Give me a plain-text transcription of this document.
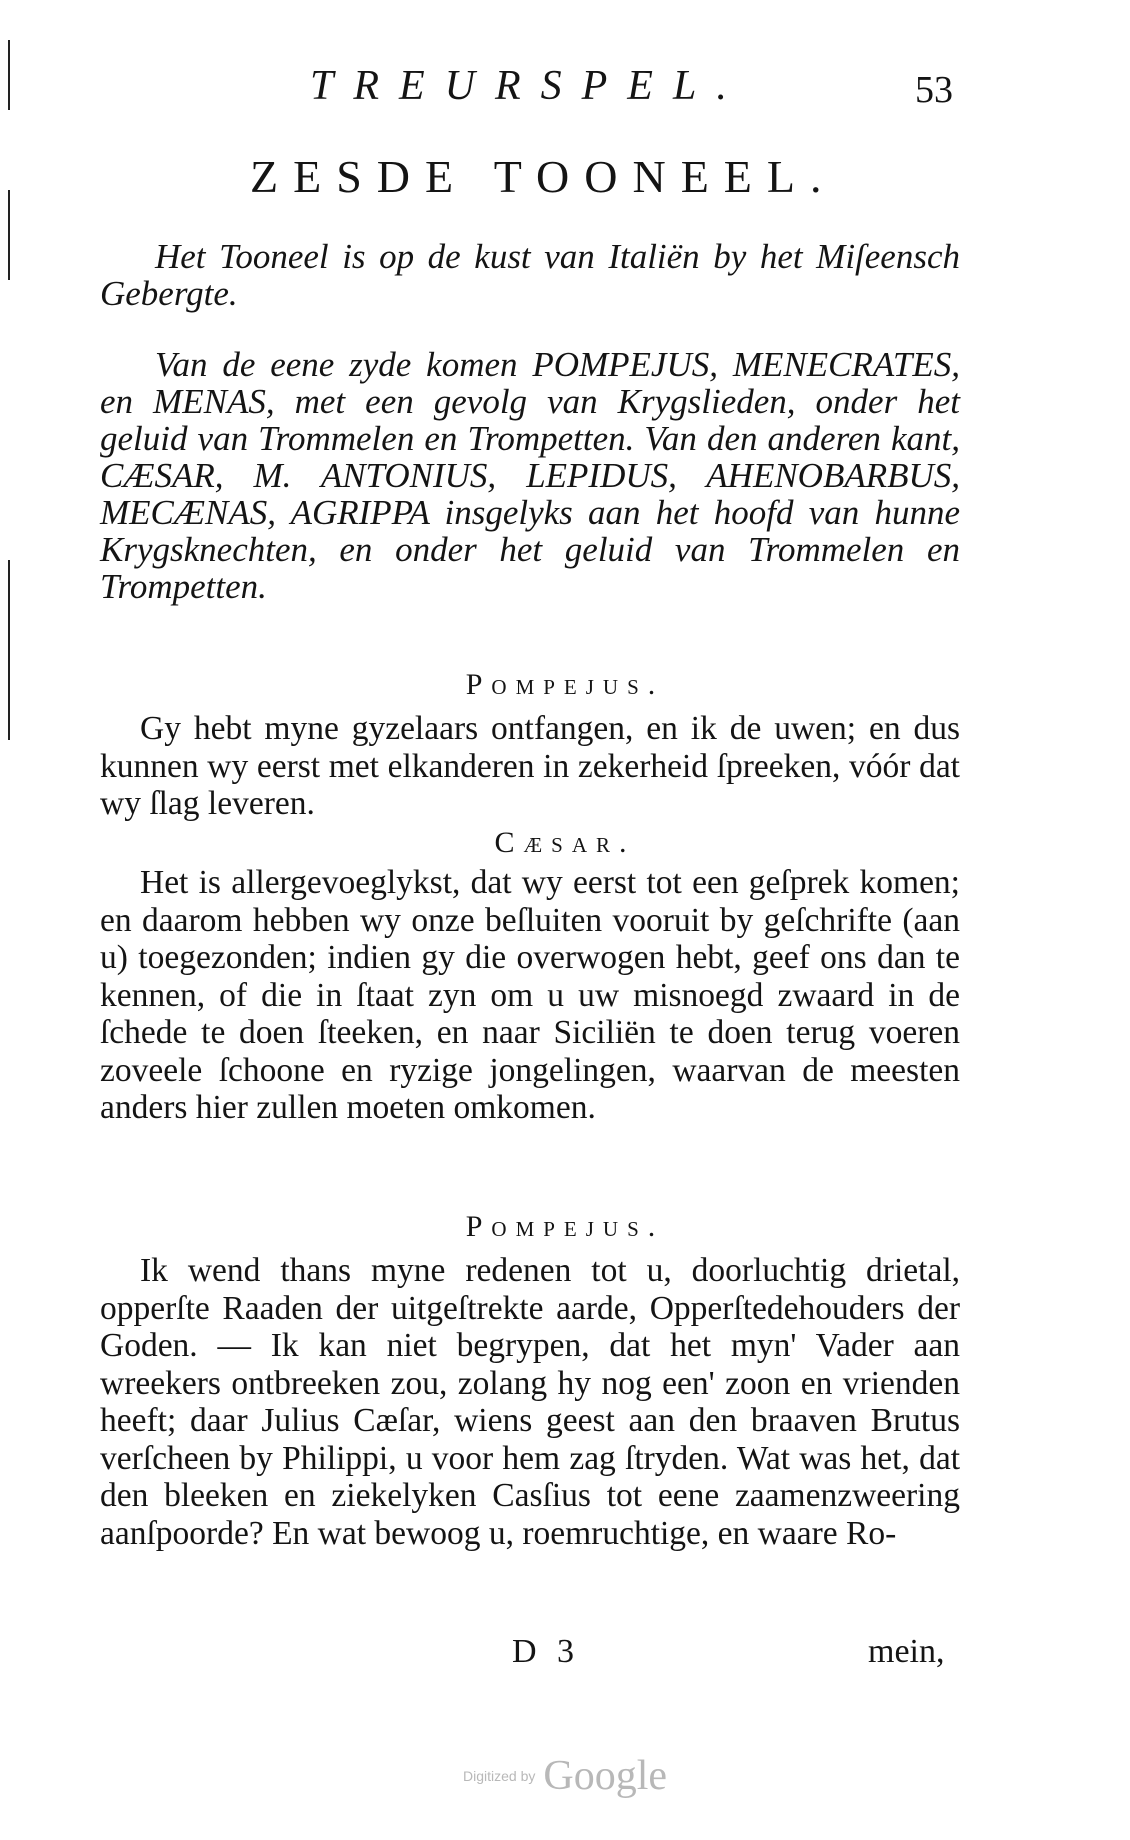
TREURSPEL.	53
ZESDE TOONEEL.

Het Tooneel is op de kust van Italiën by het Miſeensch Gebergte.

Van de eene zyde komen POMPEJUS, MENECRATES, en MENAS, met een gevolg van Krygslieden, onder het geluid van Trommelen en Trompetten. Van den anderen kant, CÆSAR, M. ANTONIUS, LEPIDUS, AHENOBARBUS, MECÆNAS, AGRIPPA insgelyks aan het hoofd van hunne Krygsknechten, en onder het geluid van Trommelen en Trompetten.

Pompejus.

Gy hebt myne gyzelaars ontfangen, en ik de uwen; en dus kunnen wy eerst met elkanderen in zekerheid ſpreeken, vóór dat wy ſlag leveren.

Cæsar.

Het is allergevoeglykst, dat wy eerst tot een geſprek komen; en daarom hebben wy onze beſluiten vooruit by geſchrifte (aan u) toegezonden; indien gy die overwogen hebt, geef ons dan te kennen, of die in ſtaat zyn om u uw misnoegd zwaard in de ſchede te doen ſteeken, en naar Siciliën te doen terug voeren zoveele ſchoone en ryzige jongelingen, waarvan de meesten anders hier zullen moeten omkomen.

Pompejus.

Ik wend thans myne redenen tot u, doorluchtig drietal, opperſte Raaden der uitgeſtrekte aarde, Opperſtedehouders der Goden. — Ik kan niet begrypen, dat het myn' Vader aan wreekers ontbreeken zou, zolang hy nog een' zoon en vrienden heeft; daar Julius Cæſar, wiens geest aan den braaven Brutus verſcheen by Philippi, u voor hem zag ſtryden. Wat was het, dat den bleeken en ziekelyken Casſius tot eene zaamenzweering aanſpoorde? En wat bewoog u, roemruchtige, en waare Ro-

D 3	mein,
Digitized by Google
